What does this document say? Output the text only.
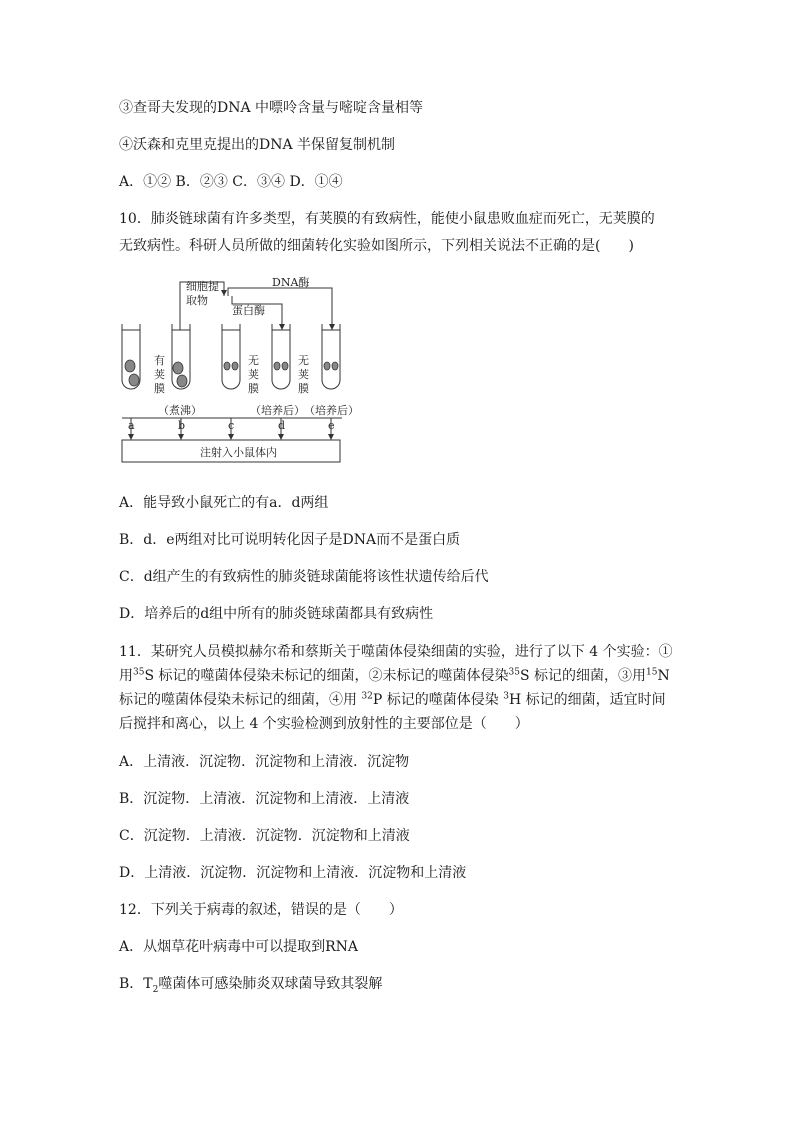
③查哥夫发现的DNA 中嘌呤含量与嘧啶含量相等
④沃森和克里克提出的DNA 半保留复制机制
A．①② B．②③ C．③④ D．①④
10．肺炎链球菌有许多类型，有荚膜的有致病性，能使小鼠患败血症而死亡，无荚膜的
无致病性。科研人员所做的细菌转化实验如图所示，下列相关说法不正确的是(　　)
细胞提
取物
DNA酶
蛋白酶
有
荚
膜
无
荚
膜
无
荚
膜
（煮沸）	（培养后） （培养后）
a	b	c	d	e
注射入小鼠体内
A．能导致小鼠死亡的有a．d两组
B．d．e两组对比可说明转化因子是DNA而不是蛋白质
C．d组产生的有致病性的肺炎链球菌能将该性状遗传给后代
D．培养后的d组中所有的肺炎链球菌都具有致病性
11．某研究人员模拟赫尔希和蔡斯关于噬菌体侵染细菌的实验，进行了以下 4 个实验：①
用$^{35}$S 标记的噬菌体侵染未标记的细菌，②未标记的噬菌体侵染$^{35}$S 标记的细菌，③用$^{15}$N
标记的噬菌体侵染未标记的细菌，④用 $^{32}$P 标记的噬菌体侵染 $^3$H 标记的细菌，适宜时间
后搅拌和离心，以上 4 个实验检测到放射性的主要部位是（　　）
A．上清液．沉淀物．沉淀物和上清液．沉淀物
B．沉淀物．上清液．沉淀物和上清液．上清液
C．沉淀物．上清液．沉淀物．沉淀物和上清液
D．上清液．沉淀物．沉淀物和上清液．沉淀物和上清液
12．下列关于病毒的叙述，错误的是（　　）
A．从烟草花叶病毒中可以提取到RNA
B．$T_2$噬菌体可感染肺炎双球菌导致其裂解
